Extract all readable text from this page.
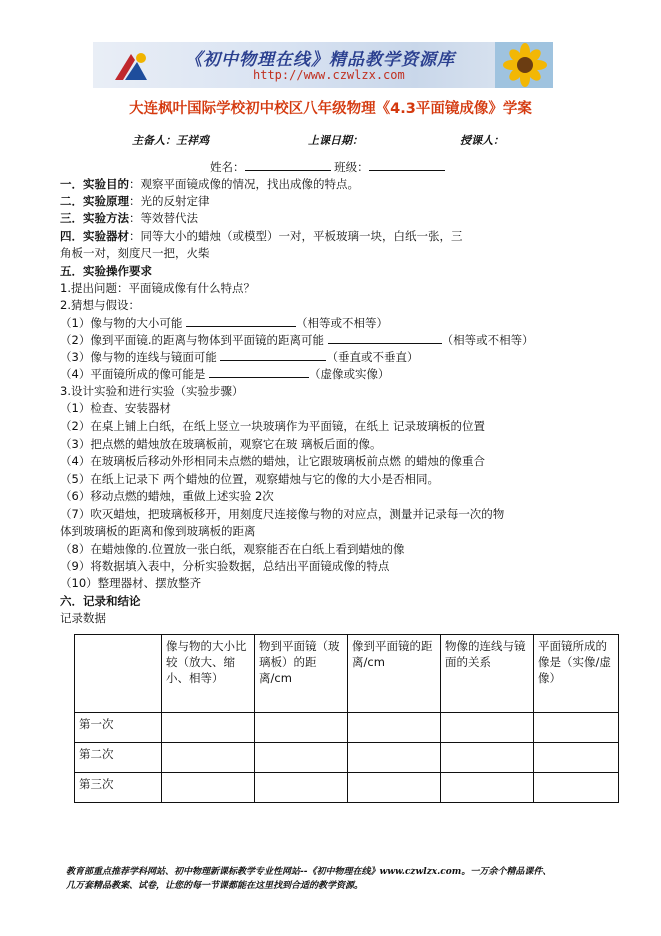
《初中物理在线》精品教学资源库
http://www.czwlzx.com
大连枫叶国际学校初中校区八年级物理《4.3平面镜成像》学案
主备人：王祥鸡	上课日期：	授课人：
姓名：	班级：
一．实验目的：观察平面镜成像的情况，找出成像的特点。
二．实验原理：光的反射定律
三．实验方法：等效替代法
四．实验器材：同等大小的蜡烛（或模型）一对，平板玻璃一块，白纸一张，三
角板一对，刻度尺一把，火柴
五．实验操作要求
1.提出问题：平面镜成像有什么特点？
2.猜想与假设：
（1）像与物的大小可能	（相等或不相等）
（2）像到平面镜.的距离与物体到平面镜的距离可能	（相等或不相等）
（3）像与物的连线与镜面可能	（垂直或不垂直）
（4）平面镜所成的像可能是	（虚像或实像）
3.设计实验和进行实验（实验步骤）
（1）检查、安装器材
（2）在桌上铺上白纸，在纸上竖立一块玻璃作为平面镜，在纸上 记录玻璃板的位置
（3）把点燃的蜡烛放在玻璃板前，观察它在玻 璃板后面的像。
（4）在玻璃板后移动外形相同未点燃的蜡烛，让它跟玻璃板前点燃 的蜡烛的像重合
（5）在纸上记录下 两个蜡烛的位置，观察蜡烛与它的像的大小是否相同。
（6）移动点燃的蜡烛，重做上述实验 2次
（7）吹灭蜡烛，把玻璃板移开，用刻度尺连接像与物的对应点，测量并记录每一次的物
体到玻璃板的距离和像到玻璃板的距离
（8）在蜡烛像的.位置放一张白纸，观察能否在白纸上看到蜡烛的像
（9）将数据填入表中，分析实验数据，总结出平面镜成像的特点
（10）整理器材、摆放整齐
六．记录和结论
记录数据
	像与物的大小比较（放大、缩小、相等）	物到平面镜（玻璃板）的距离/cm	像到平面镜的距离/cm	物像的连线与镜面的关系	平面镜所成的像是（实像/虚像）
第一次					
第二次					
第三次					
教育部重点推荐学科网站、初中物理新课标教学专业性网站--《初中物理在线》www.czwlzx.com。一万余个精品课件、
几万套精品教案、试卷，让您的每一节课都能在这里找到合适的教学资源。
